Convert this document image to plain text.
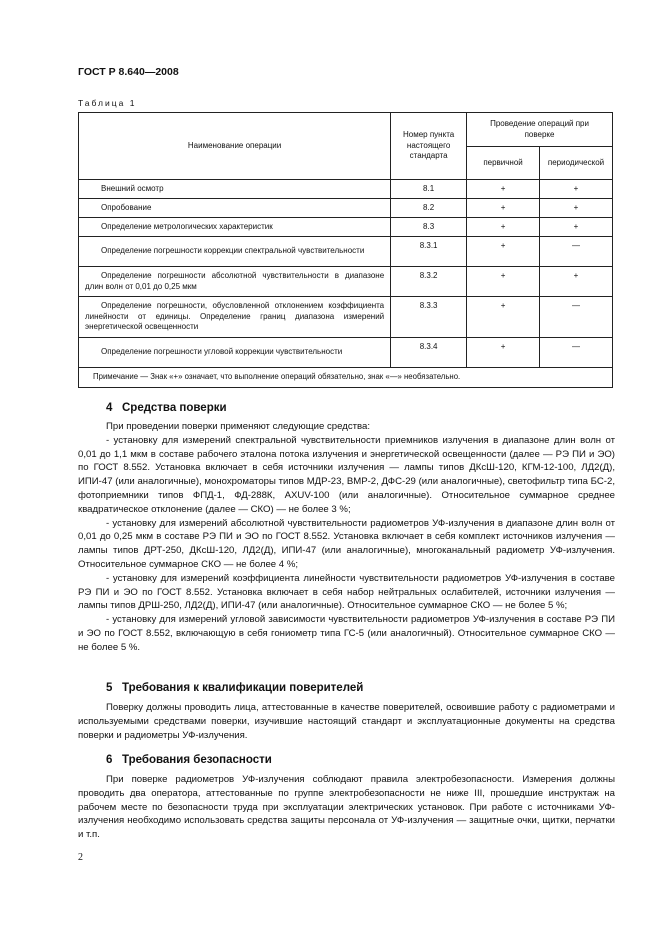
ГОСТ Р 8.640—2008
Таблица 1
Наименование операции	Номер пункта настоящего стандарта	Проведение операций при поверке	
		первичной	периодической

Внешний осмотр	8.1	+	+

Опробование	8.2	+	+

Определение метрологических характеристик	8.3	+	+

Определение погрешности коррекции спектральной чувствительности	8.3.1	+	—

Определение погрешности абсолютной чувствительности в диапазоне длин волн от 0,01 до 0,25 мкм	8.3.2	+	+

Определение погрешности, обусловленной отклонением коэффициента линейности от единицы. Определение границ диапазона измерений энергетической освещенности	8.3.3	+	—

Определение погрешности угловой коррекции чувствительности	8.3.4	+	—
Примечание — Знак «+» означает, что выполнение операций обязательно, знак «—» необязательно.			
4 Средства поверки

При проведении поверки применяют следующие средства:

- установку для измерений спектральной чувствительности приемников излучения в диапазоне длин волн от 0,01 до 1,1 мкм в составе рабочего эталона потока излучения и энергетической освещенности (далее — РЭ ПИ и ЭО) по ГОСТ 8.552. Установка включает в себя источники излучения — лампы типов ДКсШ-120, КГМ-12-100, ЛД2(Д), ИПИ-47 (или аналогичные), монохроматоры типов МДР-23, ВМР-2, ДФС-29 (или аналогичные), светофильтр типа БС-2, фотоприемники типов ФПД-1, ФД-288К, AXUV-100 (или аналогичные). Относительное суммарное среднее квадратическое отклонение (далее — СКО) — не более 3 %;

- установку для измерений абсолютной чувствительности радиометров УФ-излучения в диапазоне длин волн от 0,01 до 0,25 мкм в составе РЭ ПИ и ЭО по ГОСТ 8.552. Установка включает в себя комплект источников излучения — лампы типов ДРТ-250, ДКсШ-120, ЛД2(Д), ИПИ-47 (или аналогичные), многоканальный радиометр УФ-излучения. Относительное суммарное СКО — не более 4 %;

- установку для измерений коэффициента линейности чувствительности радиометров УФ-излучения в составе РЭ ПИ и ЭО по ГОСТ 8.552. Установка включает в себя набор нейтральных ослабителей, источники излучения — лампы типов ДРШ-250, ЛД2(Д), ИПИ-47 (или аналогичные). Относительное суммарное СКО — не более 5 %;

- установку для измерений угловой зависимости чувствительности радиометров УФ-излучения в составе РЭ ПИ и ЭО по ГОСТ 8.552, включающую в себя гониометр типа ГС-5 (или аналогичный). Относительное суммарное СКО — не более 5 %.

5 Требования к квалификации поверителей

Поверку должны проводить лица, аттестованные в качестве поверителей, освоившие работу с радиометрами и используемыми средствами поверки, изучившие настоящий стандарт и эксплуатационные документы на средства поверки и радиометры УФ-излучения.

6 Требования безопасности

При поверке радиометров УФ-излучения соблюдают правила электробезопасности. Измерения должны проводить два оператора, аттестованные по группе электробезопасности не ниже III, прошедшие инструктаж на рабочем месте по безопасности труда при эксплуатации электрических установок. При работе с источниками УФ-излучения необходимо использовать средства защиты персонала от УФ-излучения — защитные очки, щитки, перчатки и т.п.

2
